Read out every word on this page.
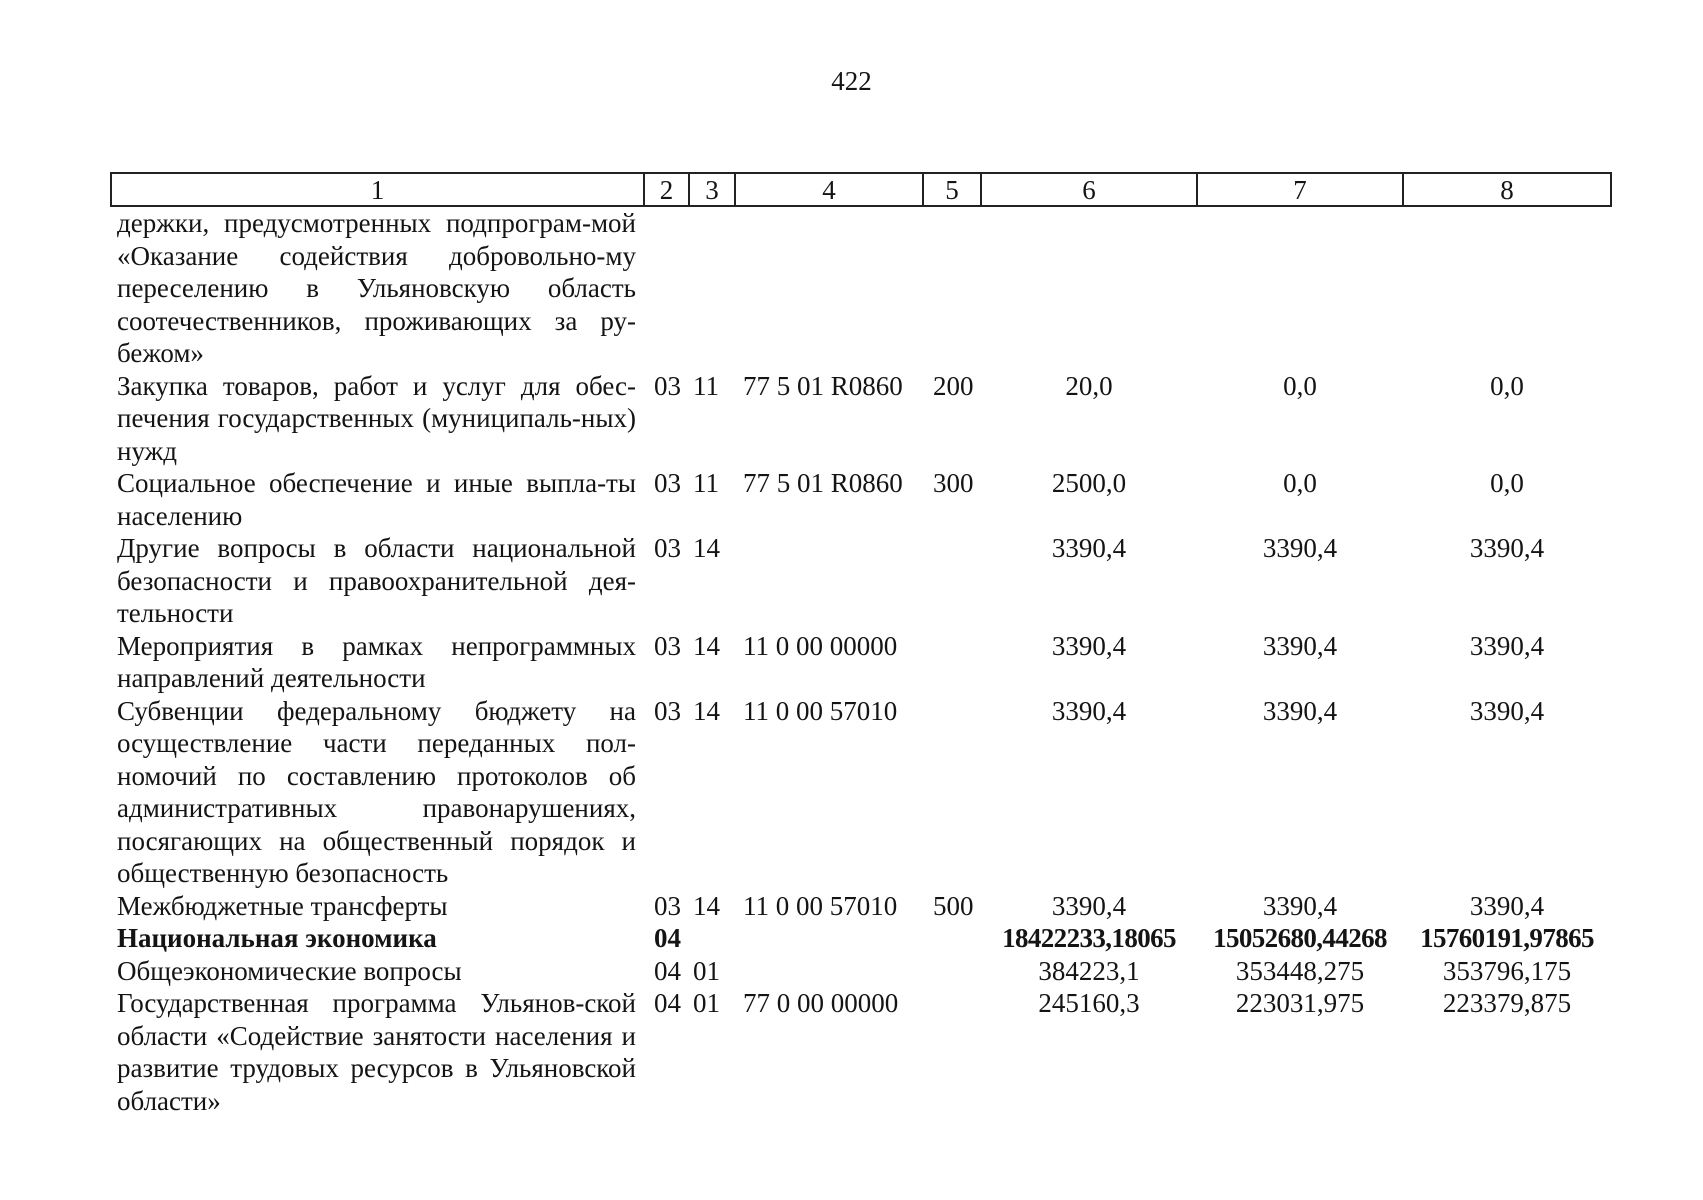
422
1	2	3	4	5	6	7	8
держки, предусмотренных подпрограм-мой «Оказание содействия добровольно-му переселению в Ульяновскую область соотечественников, проживающих за ру-бежом»							
Закупка товаров, работ и услуг для обес-печения государственных (муниципаль-ных) нужд	03	11	77 5 01 R0860	200	20,0	0,0	0,0
Социальное обеспечение и иные выпла-ты населению	03	11	77 5 01 R0860	300	2500,0	0,0	0,0
Другие вопросы в области национальной безопасности и правоохранительной дея-тельности	03	14			3390,4	3390,4	3390,4
Мероприятия в рамках непрограммных направлений деятельности	03	14	11 0 00 00000		3390,4	3390,4	3390,4
Субвенции федеральному бюджету на осуществление части переданных пол-номочий по составлению протоколов об административных правонарушениях, посягающих на общественный порядок и общественную безопасность	03	14	11 0 00 57010		3390,4	3390,4	3390,4
Межбюджетные трансферты	03	14	11 0 00 57010	500	3390,4	3390,4	3390,4
Национальная экономика	04				18422233,18065	15052680,44268	15760191,97865
Общеэкономические вопросы	04	01			384223,1	353448,275	353796,175
Государственная программа Ульянов-ской области «Содействие занятости населения и развитие трудовых ресурсов в Ульяновской области»	04	01	77 0 00 00000		245160,3	223031,975	223379,875
